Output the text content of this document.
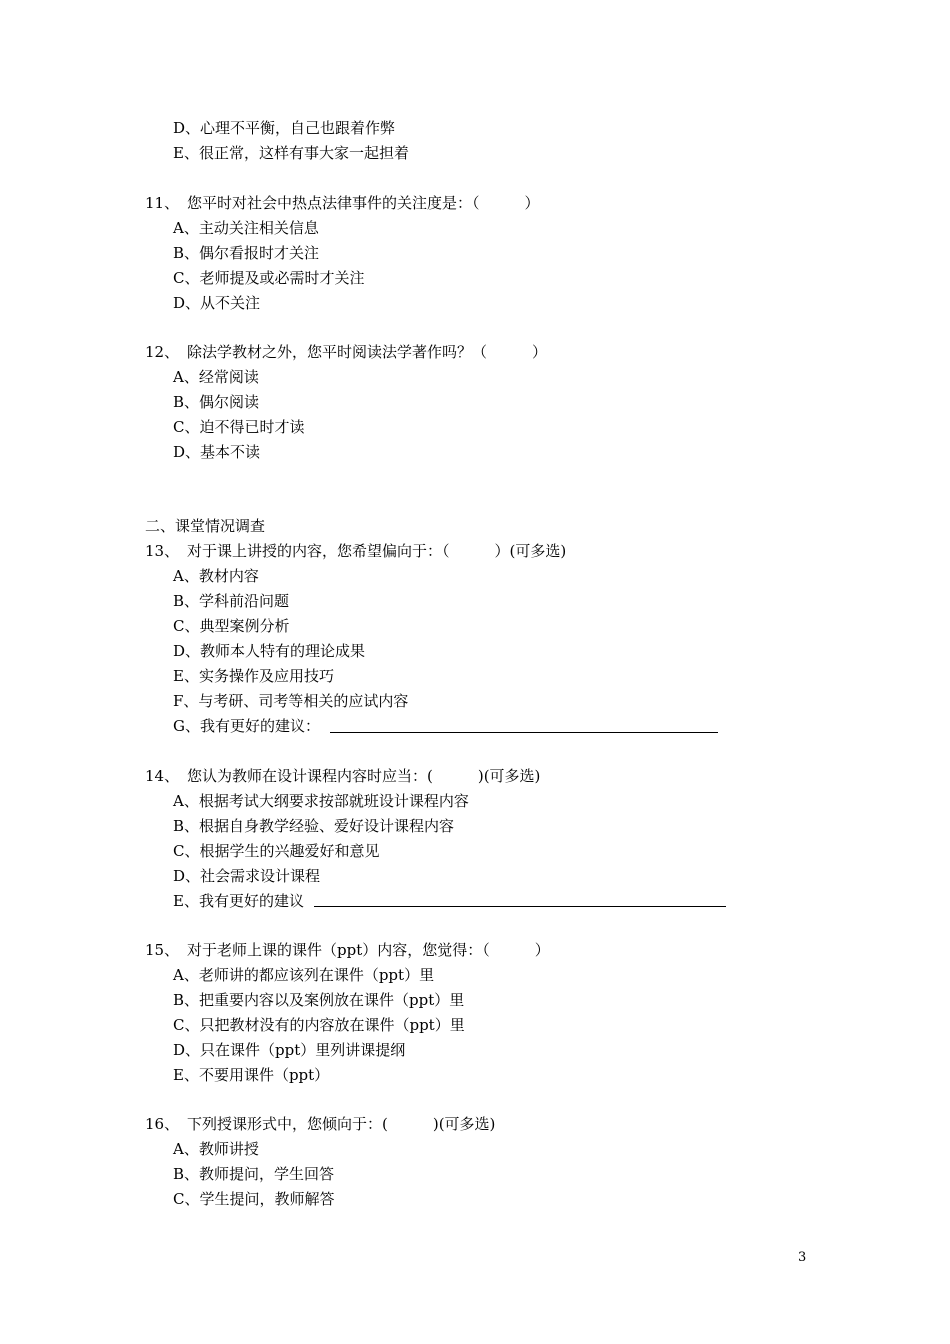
D、心理不平衡，自己也跟着作弊
E、很正常，这样有事大家一起担着
11、 您平时对社会中热点法律事件的关注度是：（　　　）
A、主动关注相关信息
B、偶尔看报时才关注
C、老师提及或必需时才关注
D、从不关注
12、 除法学教材之外，您平时阅读法学著作吗？（　　　）
A、经常阅读
B、偶尔阅读
C、迫不得已时才读
D、基本不读
二、课堂情况调查
13、 对于课上讲授的内容，您希望偏向于：（　　　）(可多选)
A、教材内容
B、学科前沿问题
C、典型案例分析
D、教师本人特有的理论成果
E、实务操作及应用技巧
F、与考研、司考等相关的应试内容
G、我有更好的建议：
14、 您认为教师在设计课程内容时应当：(　　　)(可多选)
A、根据考试大纲要求按部就班设计课程内容
B、根据自身教学经验、爱好设计课程内容
C、根据学生的兴趣爱好和意见
D、社会需求设计课程
E、我有更好的建议
15、 对于老师上课的课件（ppt）内容，您觉得：（　　　）
A、老师讲的都应该列在课件（ppt）里
B、把重要内容以及案例放在课件（ppt）里
C、只把教材没有的内容放在课件（ppt）里
D、只在课件（ppt）里列讲课提纲
E、不要用课件（ppt）
16、 下列授课形式中，您倾向于：(　　　)(可多选)
A、教师讲授
B、教师提问，学生回答
C、学生提问，教师解答
3
